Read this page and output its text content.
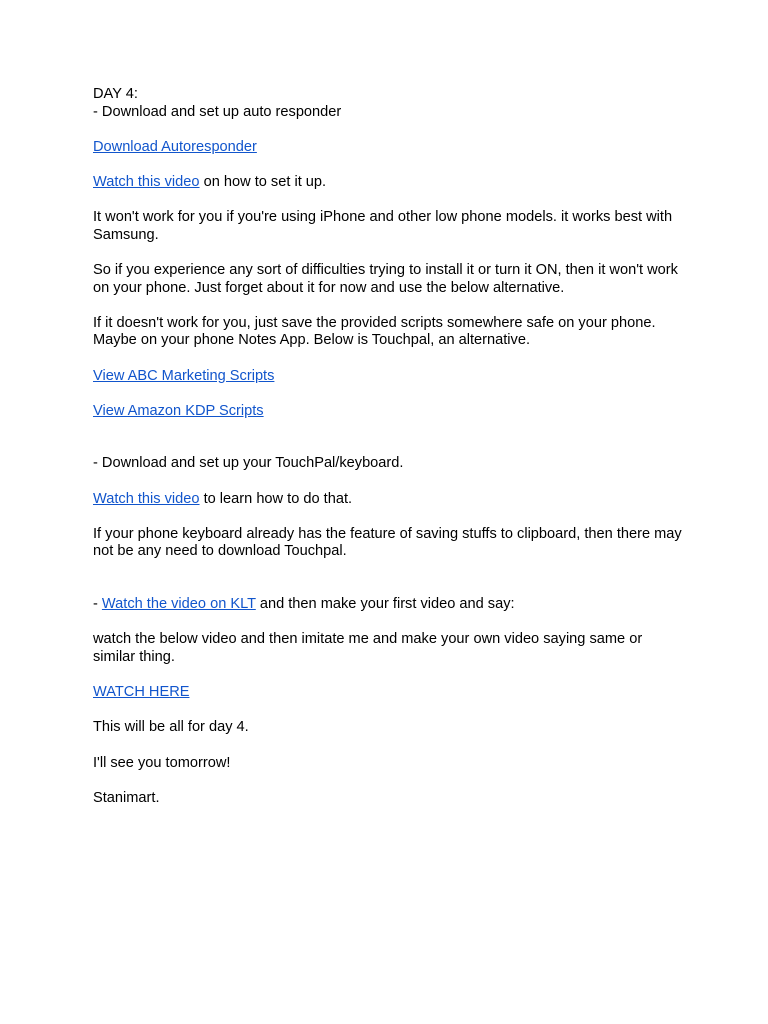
DAY 4:

- Download and set up auto responder

Download Autoresponder

Watch this video on how to set it up.

It won't work for you if you're using iPhone and other low phone models. it works best with Samsung.

So if you experience any sort of difficulties trying to install it or turn it ON, then it won't work on your phone. Just forget about it for now and use the below alternative.

If it doesn't work for you, just save the provided scripts somewhere safe on your phone. Maybe on your phone Notes App. Below is Touchpal, an alternative.

View ABC Marketing Scripts

View Amazon KDP Scripts

- Download and set up your TouchPal/keyboard.

Watch this video to learn how to do that.

If your phone keyboard already has the feature of saving stuffs to clipboard, then there may not be any need to download Touchpal.

- Watch the video on KLT and then make your first video and say:

watch the below video and then imitate me and make your own video saying same or similar thing.

WATCH HERE

This will be all for day 4.

I'll see you tomorrow!

Stanimart.
